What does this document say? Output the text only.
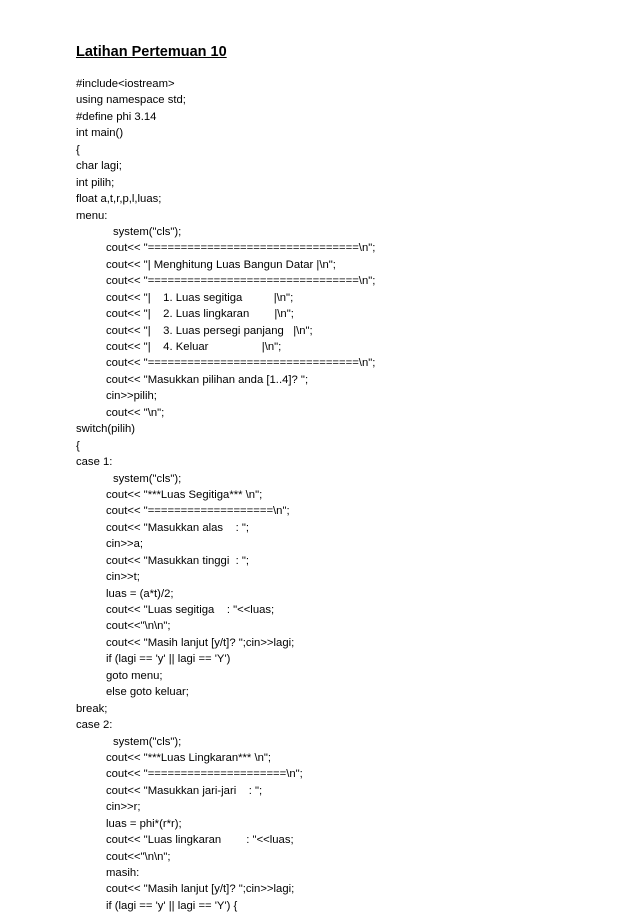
Latihan Pertemuan 10
#include<iostream>
using namespace std;
#define phi 3.14
int main()
{
char lagi;
int pilih;
float a,t,r,p,l,luas;
menu:
system("cls");
cout<< "================================\n";
cout<< "| Menghitung Luas Bangun Datar |\n";
cout<< "================================\n";
cout<< "|    1. Luas segitiga          |\n";
cout<< "|    2. Luas lingkaran        |\n";
cout<< "|    3. Luas persegi panjang   |\n";
cout<< "|    4. Keluar                 |\n";
cout<< "================================\n";
cout<< "Masukkan pilihan anda [1..4]? ";
cin>>pilih;
cout<< "\n";
switch(pilih)
{
case 1:
system("cls");
cout<< "***Luas Segitiga*** \n";
cout<< "===================\n";
cout<< "Masukkan alas    : ";
cin>>a;
cout<< "Masukkan tinggi  : ";
cin>>t;
luas = (a*t)/2;
cout<< "Luas segitiga    : "<<luas;
cout<<"\n\n";
cout<< "Masih lanjut [y/t]? ";cin>>lagi;
if (lagi == 'y' || lagi == 'Y')
goto menu;
else goto keluar;
break;
case 2:
system("cls");
cout<< "***Luas Lingkaran*** \n";
cout<< "=====================\n";
cout<< "Masukkan jari-jari    : ";
cin>>r;
luas = phi*(r*r);
cout<< "Luas lingkaran        : "<<luas;
cout<<"\n\n";
masih:
cout<< "Masih lanjut [y/t]? ";cin>>lagi;
if (lagi == 'y' || lagi == 'Y') {
